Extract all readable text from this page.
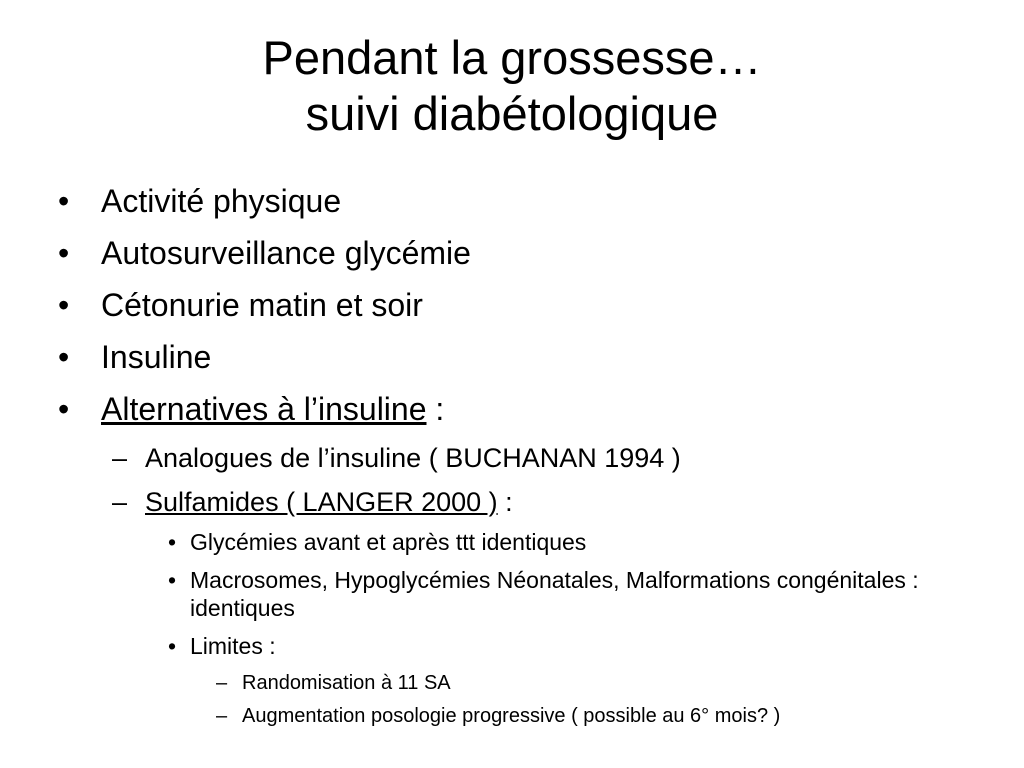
Pendant la grossesse…
suivi diabétologique
• Activité physique
• Autosurveillance glycémie
• Cétonurie matin et soir
• Insuline
• Alternatives à l’insuline :
– Analogues de l’insuline ( BUCHANAN 1994 )
– Sulfamides ( LANGER 2000 ) :
• Glycémies avant et après ttt identiques
• Macrosomes, Hypoglycémies Néonatales, Malformations congénitales : identiques
• Limites :
– Randomisation à 11 SA
– Augmentation posologie progressive ( possible au 6° mois? )
